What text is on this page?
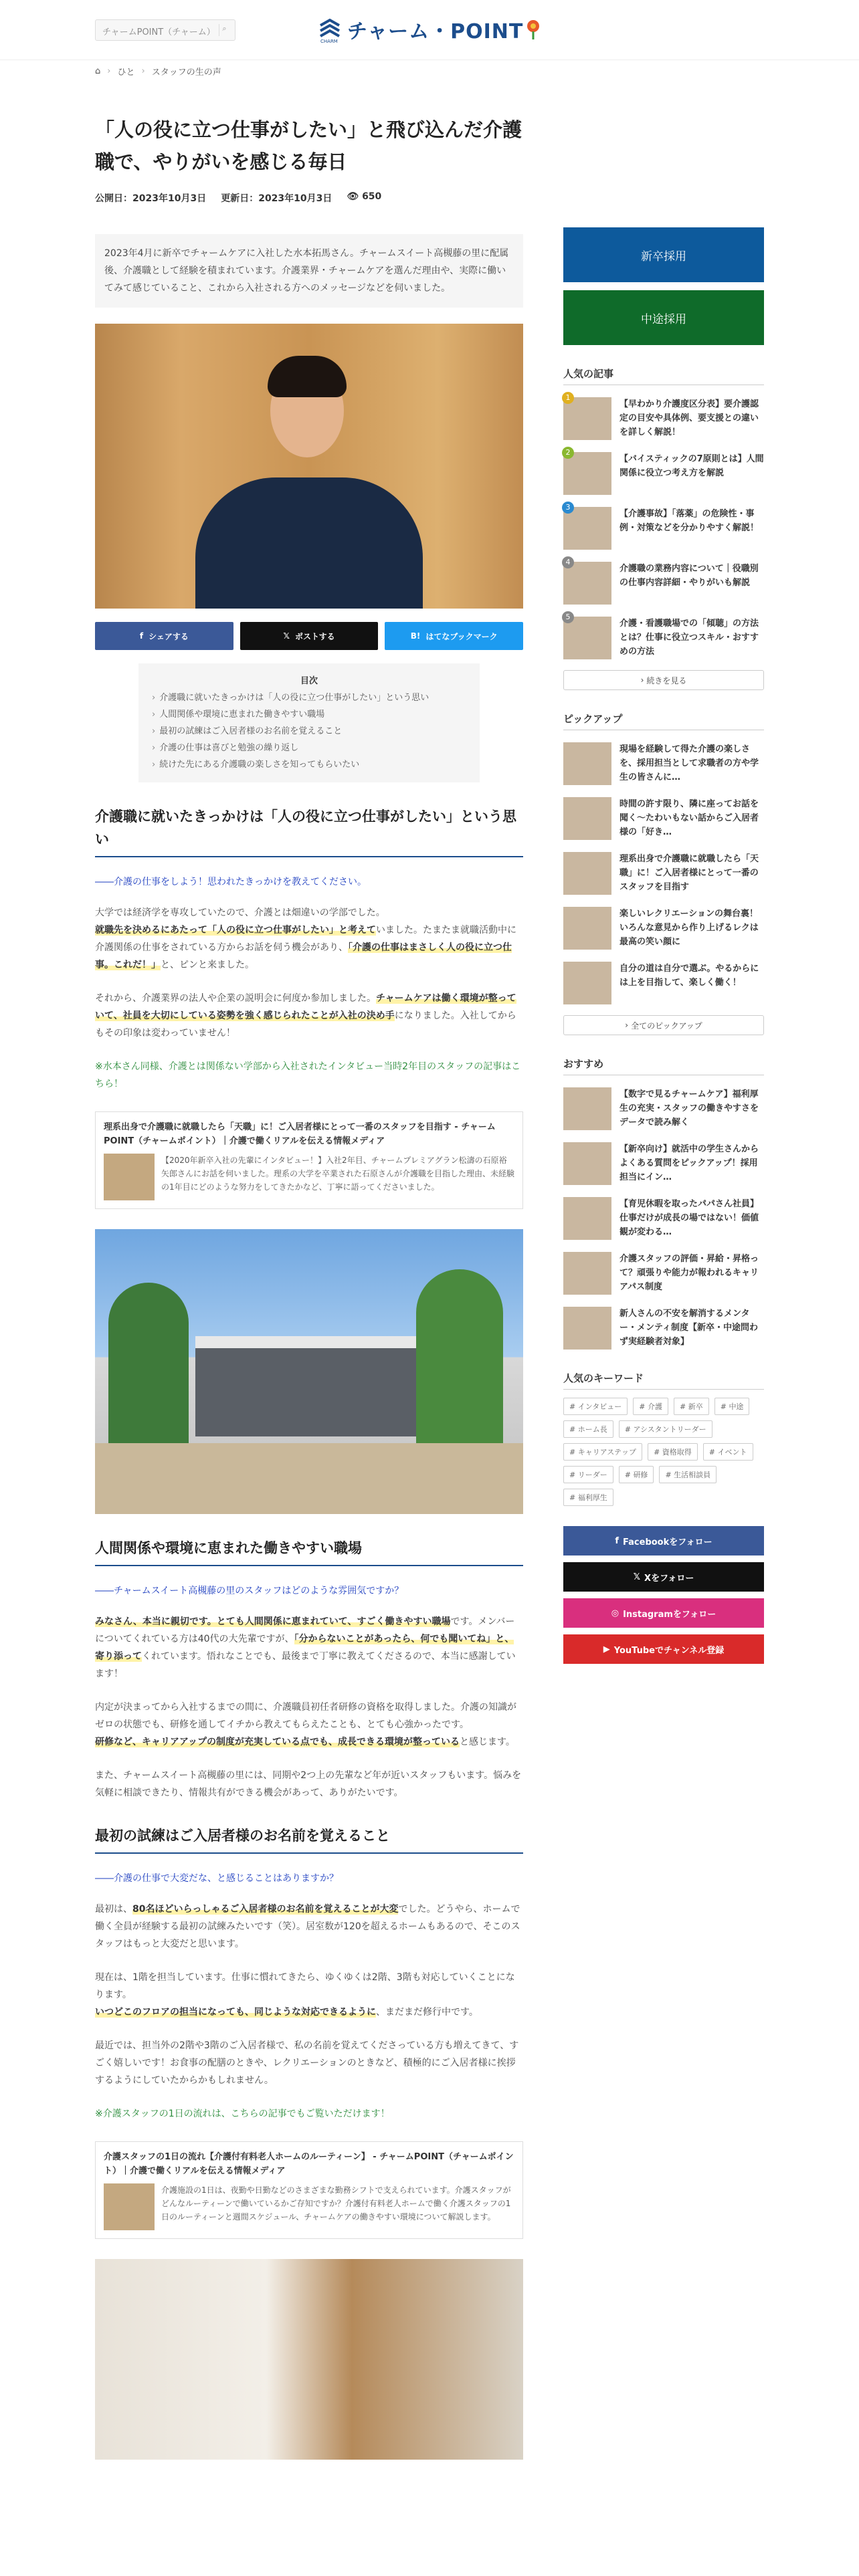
チャームPOINT（チャーム） ⌕
CHARM チャーム・POINT
⌂ › ひと › スタッフの生の声
「人の役に立つ仕事がしたい」と飛び込んだ介護職で、やりがいを感じる毎日
公開日：2023年10月3日 更新日：2023年10月3日 👁 650
2023年4月に新卒でチャームケアに入社した水本拓馬さん。チャームスイート高槻藤の里に配属後、介護職として経験を積まれています。介護業界・チャームケアを選んだ理由や、実際に働いてみて感じていること、これから入社される方へのメッセージなどを伺いました。
f シェアする	𝕏 ポストする	B! はてなブックマーク
目次
› 介護職に就いたきっかけは「人の役に立つ仕事がしたい」という思い
› 人間関係や環境に恵まれた働きやすい職場
› 最初の試練はご入居者様のお名前を覚えること
› 介護の仕事は喜びと勉強の繰り返し
› 続けた先にある介護職の楽しさを知ってもらいたい
介護職に就いたきっかけは「人の役に立つ仕事がしたい」という思い
――介護の仕事をしよう！思われたきっかけを教えてください。
大学では経済学を専攻していたので、介護とは畑違いの学部でした。
就職先を決めるにあたって「人の役に立つ仕事がしたい」と考えていました。たまたま就職活動中に介護関係の仕事をされている方からお話を伺う機会があり、「介護の仕事はまさしく人の役に立つ仕事。これだ！」と、ピンと来ました。
それから、介護業界の法人や企業の説明会に何度か参加しました。チャームケアは働く環境が整っていて、社員を大切にしている姿勢を強く感じられたことが入社の決め手になりました。入社してからもその印象は変わっていません！
※水本さん同様、介護とは関係ない学部から入社されたインタビュー当時2年目のスタッフの記事はこちら！
理系出身で介護職に就職したら「天職」に！ご入居者様にとって一番のスタッフを目指す - チャームPOINT（チャームポイント）｜介護で働くリアルを伝える情報メディア
【2020年新卒入社の先輩にインタビュー！】入社2年目、チャームプレミアグラン松濤の石原裕矢郎さんにお話を伺いました。理系の大学を卒業された石原さんが介護職を目指した理由、未経験の1年目にどのような努力をしてきたかなど、丁寧に語ってくださいました。
人間関係や環境に恵まれた働きやすい職場
――チャームスイート高槻藤の里のスタッフはどのような雰囲気ですか？
みなさん、本当に親切です。とても人間関係に恵まれていて、すごく働きやすい職場です。メンバーについてくれている方は40代の大先輩ですが、「分からないことがあったら、何でも聞いてね」と、寄り添ってくれています。悟れなことでも、最後まで丁寧に教えてくださるので、本当に感謝しています！
内定が決まってから入社するまでの間に、介護職員初任者研修の資格を取得しました。介護の知識がゼロの状態でも、研修を通してイチから教えてもらえたことも、とても心強かったです。
研修など、キャリアアップの制度が充実している点でも、成長できる環境が整っていると感じます。
また、チャームスイート高槻藤の里には、同期や2つ上の先輩など年が近いスタッフもいます。悩みを気軽に相談できたり、情報共有ができる機会があって、ありがたいです。
最初の試練はご入居者様のお名前を覚えること
――介護の仕事で大変だな、と感じることはありますか？
最初は、80名ほどいらっしゃるご入居者様のお名前を覚えることが大変でした。どうやら、ホームで働く全員が経験する最初の試練みたいです（笑）。居室数が120を超えるホームもあるので、そこのスタッフはもっと大変だと思います。
現在は、1階を担当しています。仕事に慣れてきたら、ゆくゆくは2階、3階も対応していくことになります。
いつどこのフロアの担当になっても、同じような対応できるように、まだまだ修行中です。
最近では、担当外の2階や3階のご入居者様で、私の名前を覚えてくださっている方も増えてきて、すごく嬉しいです！お食事の配膳のときや、レクリエーションのときなど、積極的にご入居者様に挨拶するようにしていたからかもしれません。
※介護スタッフの1日の流れは、こちらの記事でもご覧いただけます！
介護スタッフの1日の流れ【介護付有料老人ホームのルーティーン】 - チャームPOINT（チャームポイント）｜介護で働くリアルを伝える情報メディア
介護施設の1日は、夜勤や日勤などのさまざまな勤務シフトで支えられています。介護スタッフがどんなルーティーンで働いているかご存知ですか？介護付有料老人ホームで働く介護スタッフの1日のルーティーンと週間スケジュール、チャームケアの働きやすい環境について解説します。
新卒採用
中途採用
人気の記事
1
【早わかり介護度区分表】要介護認定の目安や具体例、要支援との違いを詳しく解説！
2
【バイスティックの7原則とは】人間関係に役立つ考え方を解説
3
【介護事故】「落薬」の危険性・事例・対策などを分かりやすく解説！
4
介護職の業務内容について｜役職別の仕事内容詳細・やりがいも解説
5
介護・看護職場での「傾聴」の方法とは？仕事に役立つスキル・おすすめの方法
› 続きを見る
ピックアップ
現場を経験して得た介護の楽しさを、採用担当として求職者の方や学生の皆さんに…
時間の許す限り、隣に座ってお話を聞く～たわいもない話からご入居者様の「好き…
理系出身で介護職に就職したら「天職」に！ご入居者様にとって一番のスタッフを目指す
楽しいレクリエーションの舞台裏！いろんな意見から作り上げるレクは最高の笑い顔に
自分の道は自分で選ぶ。やるからには上を目指して、楽しく働く！
› 全てのピックアップ
おすすめ
【数字で見るチャームケア】福利厚生の充実・スタッフの働きやすさをデータで読み解く
【新卒向け】就活中の学生さんからよくある質問をピックアップ！採用担当にイン…
【育児休暇を取ったパパさん社員】仕事だけが成長の場ではない！価値観が変わる…
介護スタッフの評価・昇給・昇格って？頑張りや能力が報われるキャリアパス制度
新人さんの不安を解消するメンター・メンティ制度【新卒・中途問わず実経験者対象】
人気のキーワード
# インタビュー	# 介護	# 新卒	# 中途
# ホーム長	# アシスタントリーダー
# キャリアステップ	# 資格取得	# イベント
# リーダー	# 研修	# 生活相談員
# 福利厚生
f Facebookをフォロー
𝕏 Xをフォロー
◎ Instagramをフォロー
▶ YouTubeでチャンネル登録
